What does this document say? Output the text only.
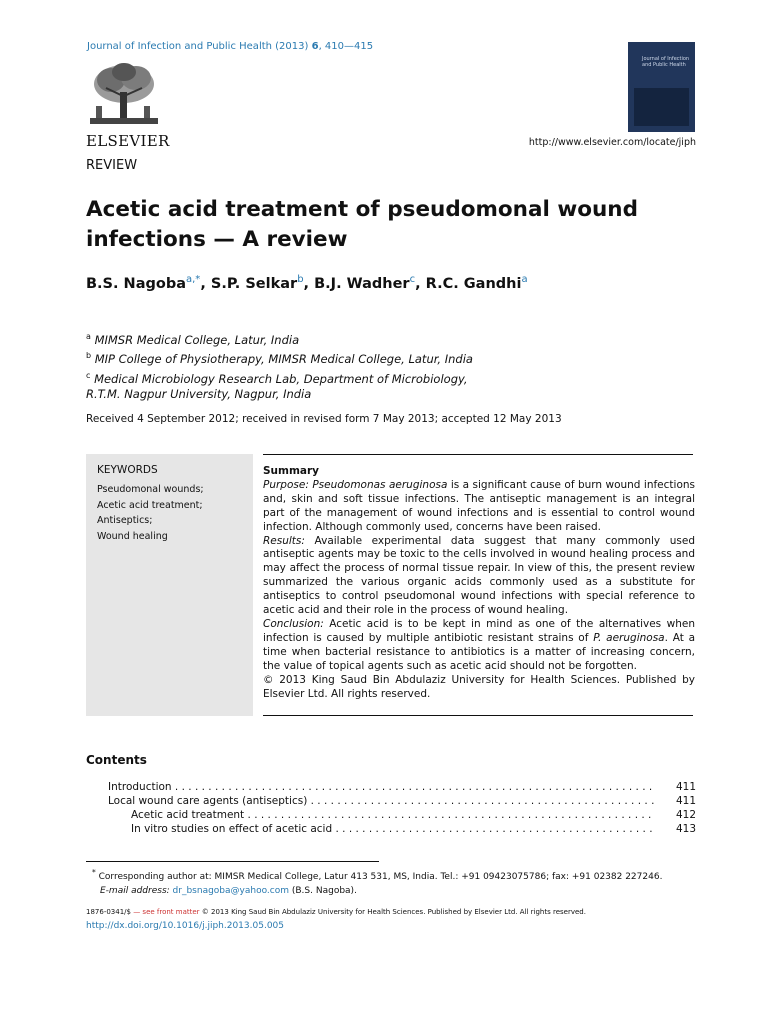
Journal of Infection and Public Health (2013) 6, 410—415
ELSEVIER
REVIEW
Journal of Infection and Public Health
http://www.elsevier.com/locate/jiph
Acetic acid treatment of pseudomonal wound infections — A review
B.S. Nagoba$^{a,*}$, S.P. Selkar$^b$, B.J. Wadher$^c$, R.C. Gandhi$^a$
$^a$ MIMSR Medical College, Latur, India
$^b$ MIP College of Physiotherapy, MIMSR Medical College, Latur, India
$^c$ Medical Microbiology Research Lab, Department of Microbiology,
R.T.M. Nagpur University, Nagpur, India
Received 4 September 2012; received in revised form 7 May 2013; accepted 12 May 2013
KEYWORDS
Pseudomonal wounds;
Acetic acid treatment;
Antiseptics;
Wound healing
Summary
Purpose: Pseudomonas aeruginosa is a significant cause of burn wound infections and, skin and soft tissue infections. The antiseptic management is an integral part of the management of wound infections and is essential to control wound infection. Although commonly used, concerns have been raised.
Results: Available experimental data suggest that many commonly used antiseptic agents may be toxic to the cells involved in wound healing process and may affect the process of normal tissue repair. In view of this, the present review summarized the various organic acids commonly used as a substitute for antiseptics to control pseudomonal wound infections with special reference to acetic acid and their role in the process of wound healing.
Conclusion: Acetic acid is to be kept in mind as one of the alternatives when infection is caused by multiple antibiotic resistant strains of P. aeruginosa. At a time when bacterial resistance to antibiotics is a matter of increasing concern, the value of topical agents such as acetic acid should not be forgotten.
© 2013 King Saud Bin Abdulaziz University for Health Sciences. Published by Elsevier Ltd. All rights reserved.
Contents
Introduction . . .	411
Local wound care agents (antiseptics) . . .	411
Acetic acid treatment . . .	412
In vitro studies on effect of acetic acid . . .	413
* Corresponding author at: MIMSR Medical College, Latur 413 531, MS, India. Tel.: +91 09423075786; fax: +91 02382 227246.
E-mail address: dr_bsnagoba@yahoo.com (B.S. Nagoba).
1876-0341/$ — see front matter © 2013 King Saud Bin Abdulaziz University for Health Sciences. Published by Elsevier Ltd. All rights reserved.
http://dx.doi.org/10.1016/j.jiph.2013.05.005
